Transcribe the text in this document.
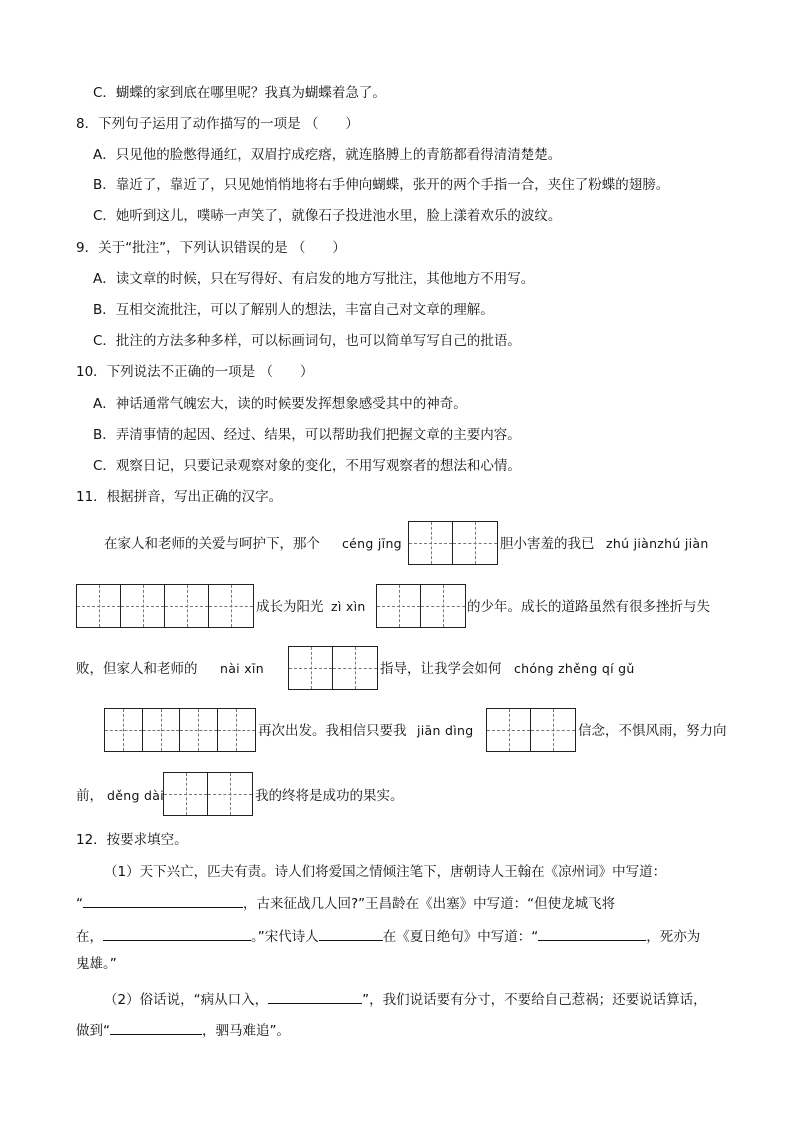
C．蝴蝶的家到底在哪里呢？我真为蝴蝶着急了。
8．下列句子运用了动作描写的一项是 （　　）
A．只见他的脸憋得通红，双眉拧成疙瘩，就连胳膊上的青筋都看得清清楚楚。
B．靠近了，靠近了，只见她悄悄地将右手伸向蝴蝶，张开的两个手指一合，夹住了粉蝶的翅膀。
C．她听到这儿，噗哧一声笑了，就像石子投进池水里，脸上漾着欢乐的波纹。
9．关于“批注”，下列认识错误的是 （　　）
A．读文章的时候，只在写得好、有启发的地方写批注，其他地方不用写。
B．互相交流批注，可以了解别人的想法，丰富自己对文章的理解。
C．批注的方法多种多样，可以标画词句，也可以简单写写自己的批语。
10．下列说法不正确的一项是 （　　）
A．神话通常气魄宏大，读的时候要发挥想象感受其中的神奇。
B．弄清事情的起因、经过、结果，可以帮助我们把握文章的主要内容。
C．观察日记，只要记录观察对象的变化，不用写观察者的想法和心情。
11．根据拼音，写出正确的汉字。
在家人和老师的关爱与呵护下，那个 céng jīng	胆小害羞的我已 zhú jiànzhú jiàn
成长为阳光 zì xìn	的少年。成长的道路虽然有很多挫折与失
败，但家人和老师的 nài xīn	指导，让我学会如何 chóng zhěng qí gǔ
再次出发。我相信只要我 jiān dìng	信念，不惧风雨，努力向
前， děng dài	我的终将是成功的果实。
12．按要求填空。
（1）天下兴亡，匹夫有责。诗人们将爱国之情倾注笔下，唐朝诗人王翰在《凉州词》中写道：
“	，古来征战几人回?”王昌龄在《出塞》中写道：“但使龙城飞将
在，	。”宋代诗人	在《夏日绝句》中写道：“	，死亦为
鬼雄。”
（2）俗话说，“病从口入，	”，我们说话要有分寸，不要给自己惹祸；还要说话算话，
做到“	，驷马难追”。
